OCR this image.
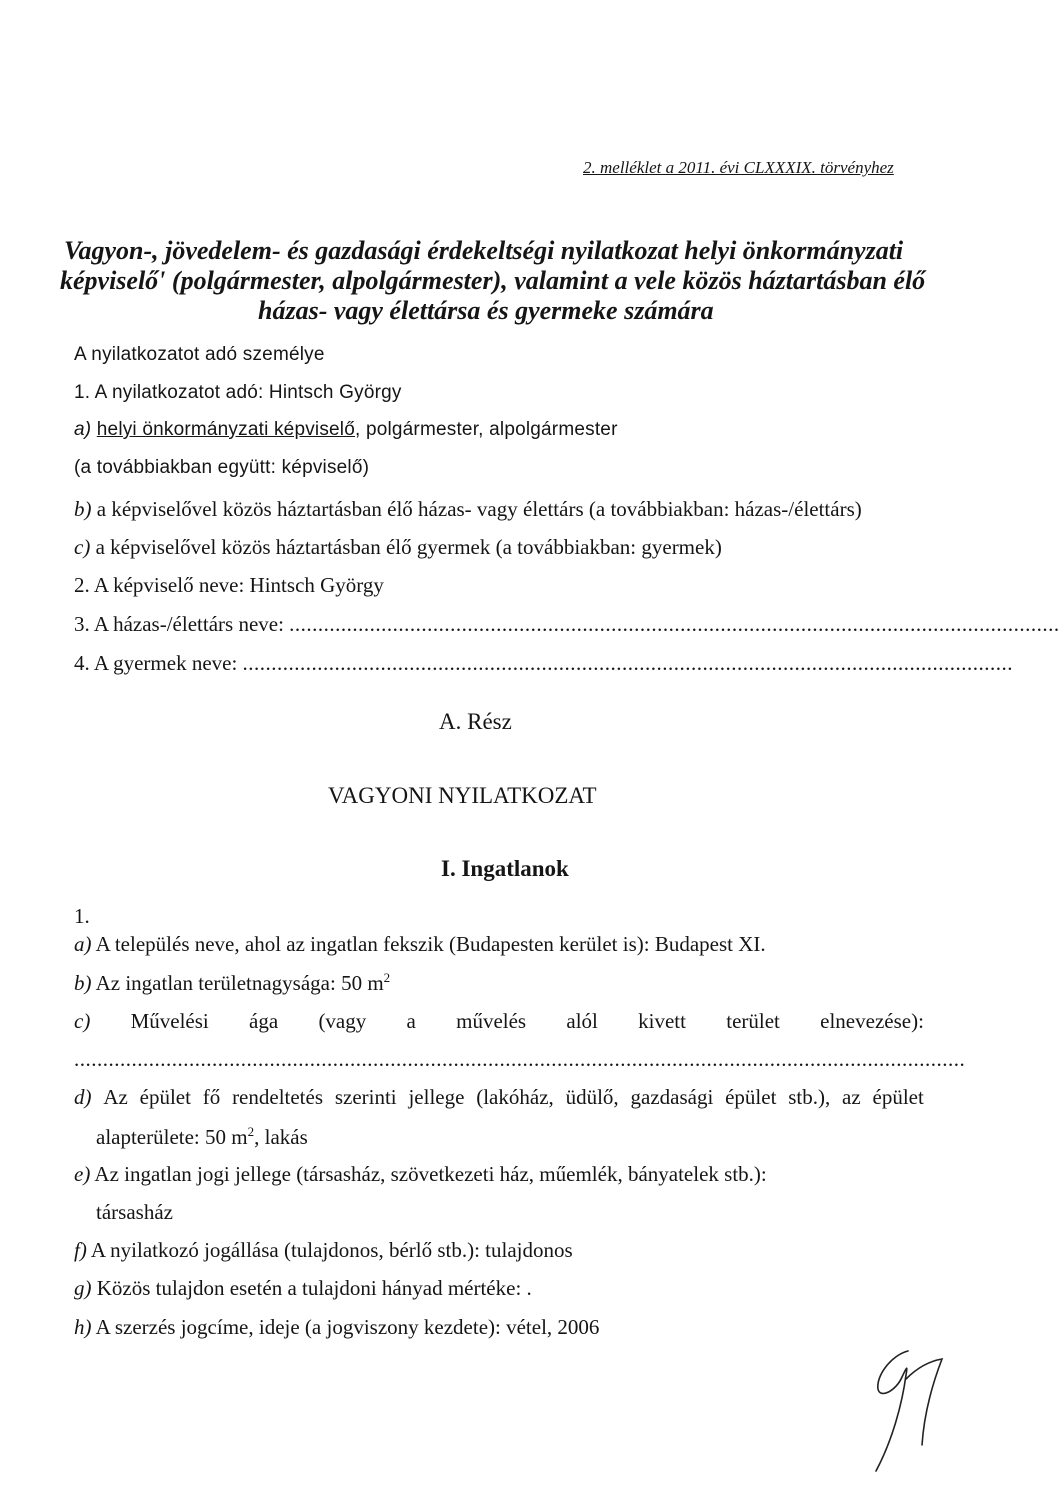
2. melléklet a 2011. évi CLXXXIX. törvényhez
Vagyon-, jövedelem- és gazdasági érdekeltségi nyilatkozat helyi önkormányzati
képviselő' (polgármester, alpolgármester), valamint a vele közös háztartásban élő
házas- vagy élettársa és gyermeke számára
A nyilatkozatot adó személye
1. A nyilatkozatot adó: Hintsch György
a) helyi önkormányzati képviselő, polgármester, alpolgármester
(a továbbiakban együtt: képviselő)
b) a képviselővel közös háztartásban élő házas- vagy élettárs (a továbbiakban: házas-/élettárs)
c) a képviselővel közös háztartásban élő gyermek (a továbbiakban: gyermek)
2. A képviselő neve: Hintsch György
3. A házas-/élettárs neve: ......................................................................................................................................
4. A gyermek neve: ......................................................................................................................................
A. Rész
VAGYONI NYILATKOZAT
I. Ingatlanok
1.
a) A település neve, ahol az ingatlan fekszik (Budapesten kerület is): Budapest XI.
b) Az ingatlan területnagysága: 50 $m^2$
c) Művelési ága (vagy a művelés alól kivett terület elnevezése):
...........................................................................................................................................................
d) Az épület fő rendeltetés szerinti jellege (lakóház, üdülő, gazdasági épület stb.), az épület
alapterülete: 50 $m^2$, lakás
e) Az ingatlan jogi jellege (társasház, szövetkezeti ház, műemlék, bányatelek stb.):
társasház
f) A nyilatkozó jogállása (tulajdonos, bérlő stb.): tulajdonos
g) Közös tulajdon esetén a tulajdoni hányad mértéke: .
h) A szerzés jogcíme, ideje (a jogviszony kezdete): vétel, 2006
